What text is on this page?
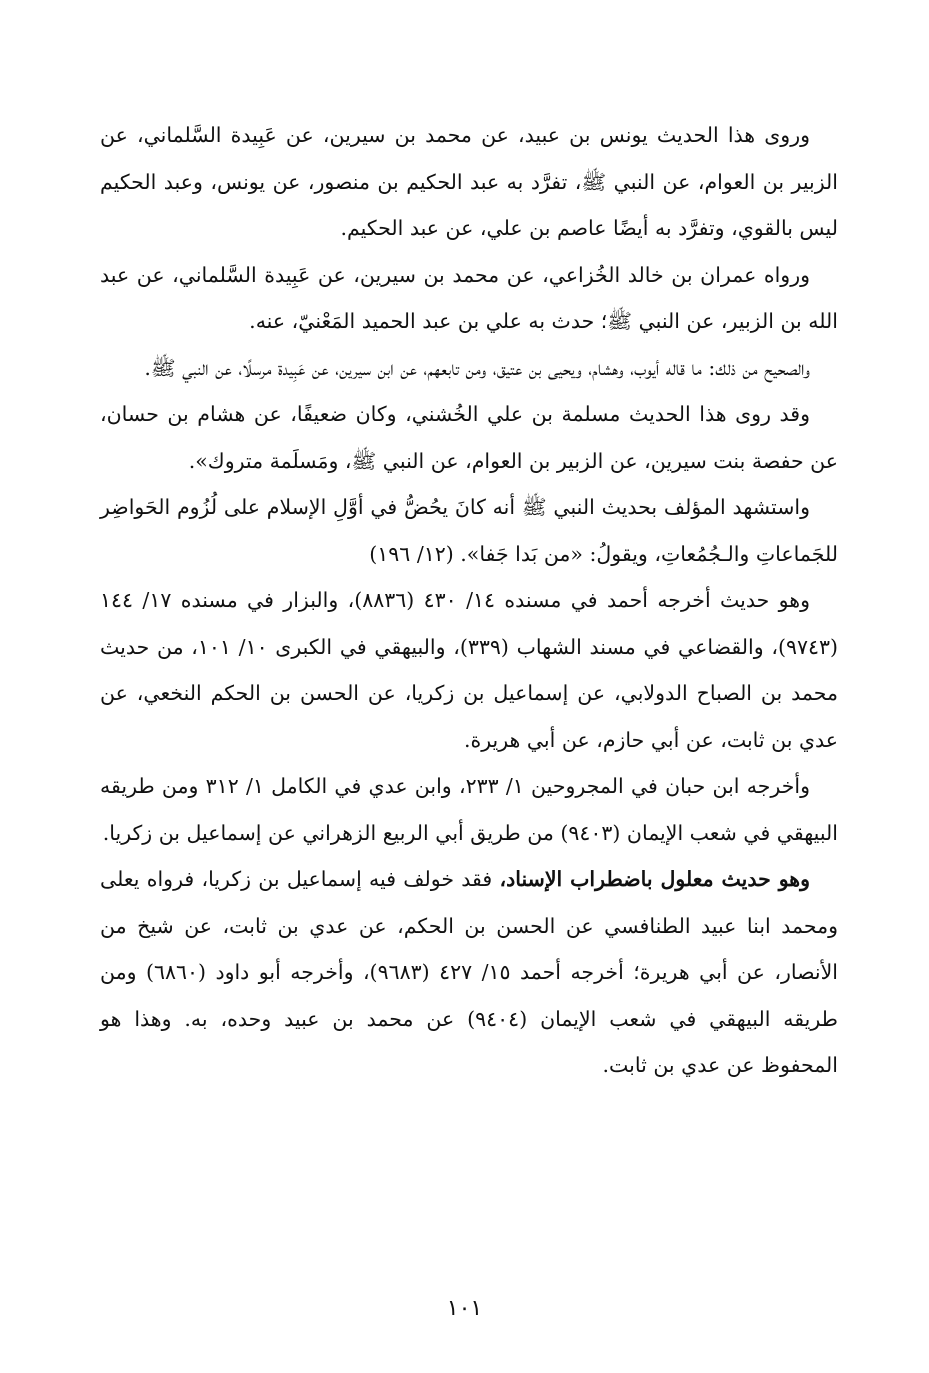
وروى هذا الحديث يونس بن عبيد، عن محمد بن سيرين، عن عَبِيدة السَّلماني، عن الزبير بن العوام، عن النبي ﷺ، تفرَّد به عبد الحكيم بن منصور، عن يونس، وعبد الحكيم ليس بالقوي، وتفرَّد به أيضًا عاصم بن علي، عن عبد الحكيم.

ورواه عمران بن خالد الخُزاعي، عن محمد بن سيرين، عن عَبِيدة السَّلماني، عن عبد الله بن الزبير، عن النبي ﷺ؛ حدث به علي بن عبد الحميد المَعْنيّ، عنه.

والصحيح من ذلك: ما قاله أيوب، وهشام، ويحيى بن عتيق، ومن تابعهم، عن ابن سيرين، عن عَبِيدة مرسلًا، عن النبي ﷺ.

وقد روى هذا الحديث مسلمة بن علي الخُشني، وكان ضعيفًا، عن هشام بن حسان، عن حفصة بنت سيرين، عن الزبير بن العوام، عن النبي ﷺ، ومَسلَمة متروك».

واستشهد المؤلف بحديث النبي ﷺ أنه كانَ يحُضُّ في أوَّلِ الإسلام على لُزُوم الحَواضِر للجَماعاتِ والـجُمُعاتِ، ويقولُ: «من بَدا جَفا». (١٢/ ١٩٦)

وهو حديث أخرجه أحمد في مسنده ١٤/ ٤٣٠ (٨٨٣٦)، والبزار في مسنده ١٧/ ١٤٤ (٩٧٤٣)، والقضاعي في مسند الشهاب (٣٣٩)، والبيهقي في الكبرى ١٠/ ١٠١، من حديث محمد بن الصباح الدولابي، عن إسماعيل بن زكريا، عن الحسن بن الحكم النخعي، عن عدي بن ثابت، عن أبي حازم، عن أبي هريرة.

وأخرجه ابن حبان في المجروحين ١/ ٢٣٣، وابن عدي في الكامل ١/ ٣١٢ ومن طريقه البيهقي في شعب الإيمان (٩٤٠٣) من طريق أبي الربيع الزهراني عن إسماعيل بن زكريا.

وهو حديث معلول باضطراب الإسناد، فقد خولف فيه إسماعيل بن زكريا، فرواه يعلى ومحمد ابنا عبيد الطنافسي عن الحسن بن الحكم، عن عدي بن ثابت، عن شيخ من الأنصار، عن أبي هريرة؛ أخرجه أحمد ١٥/ ٤٢٧ (٩٦٨٣)، وأخرجه أبو داود (٦٨٦٠) ومن طريقه البيهقي في شعب الإيمان (٩٤٠٤) عن محمد بن عبيد وحده، به. وهذا هو المحفوظ عن عدي بن ثابت.

١٠١
